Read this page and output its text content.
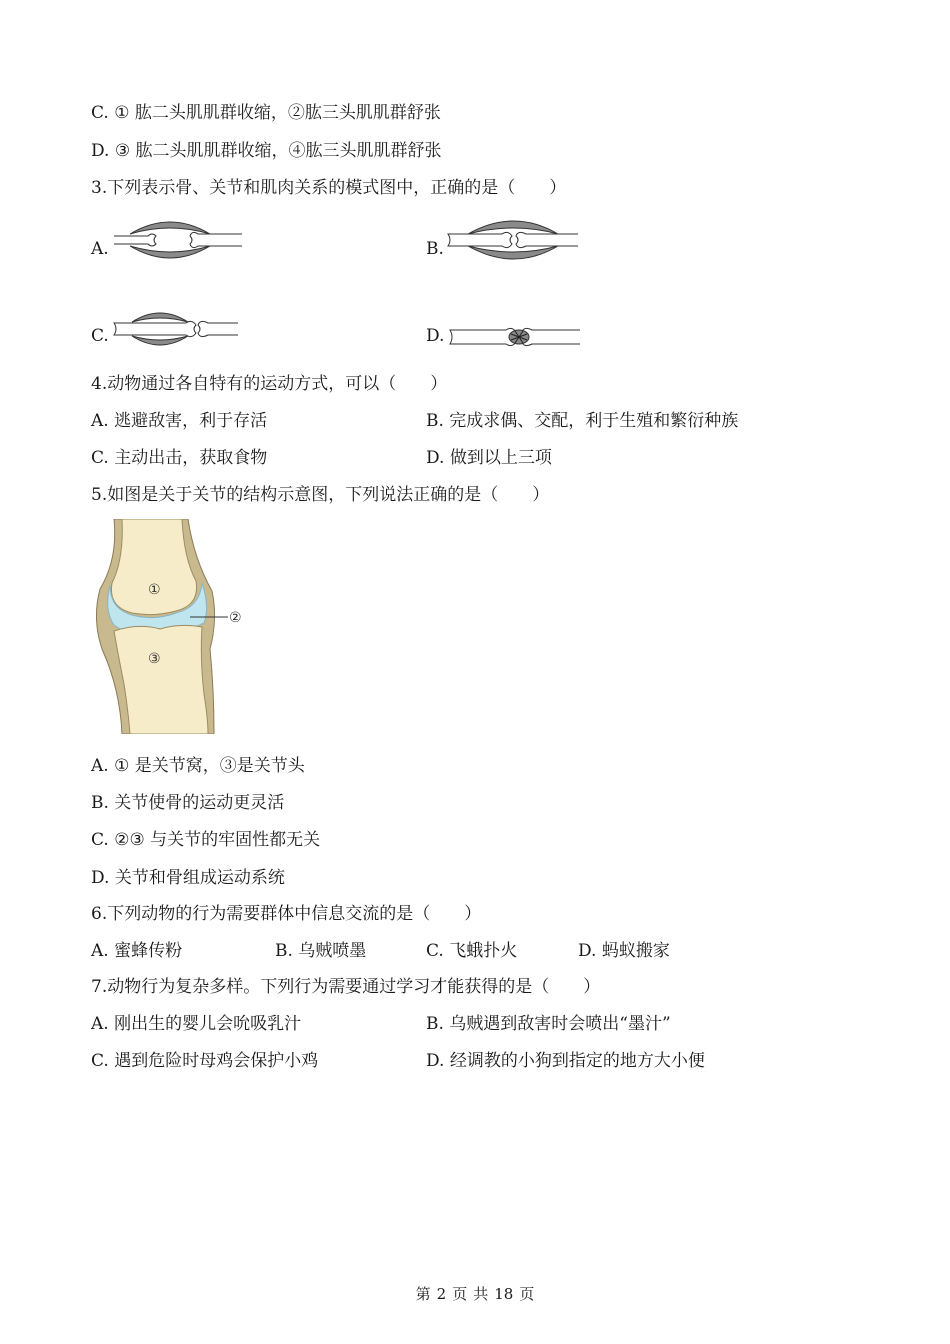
C. ① 肱二头肌肌群收缩，②肱三头肌肌群舒张
D. ③ 肱二头肌肌群收缩，④肱三头肌肌群舒张
3.下列表示骨、关节和肌肉关系的模式图中，正确的是（　　）
A.	B.
C.	D.
4.动物通过各自特有的运动方式，可以（　　）
A. 逃避敌害，利于存活	B. 完成求偶、交配，利于生殖和繁衍种族
C. 主动出击，获取食物	D. 做到以上三项
5.如图是关于关节的结构示意图，下列说法正确的是（　　）
①
②
③
A. ① 是关节窝，③是关节头
B. 关节使骨的运动更灵活
C. ②③ 与关节的牢固性都无关
D. 关节和骨组成运动系统
6.下列动物的行为需要群体中信息交流的是（　　）
A. 蜜蜂传粉	B. 乌贼喷墨	C. 飞蛾扑火	D. 蚂蚁搬家
7.动物行为复杂多样。下列行为需要通过学习才能获得的是（　　）
A. 刚出生的婴儿会吮吸乳汁	B. 乌贼遇到敌害时会喷出“墨汁”
C. 遇到危险时母鸡会保护小鸡	D. 经调教的小狗到指定的地方大小便
第 2 页 共 18 页
